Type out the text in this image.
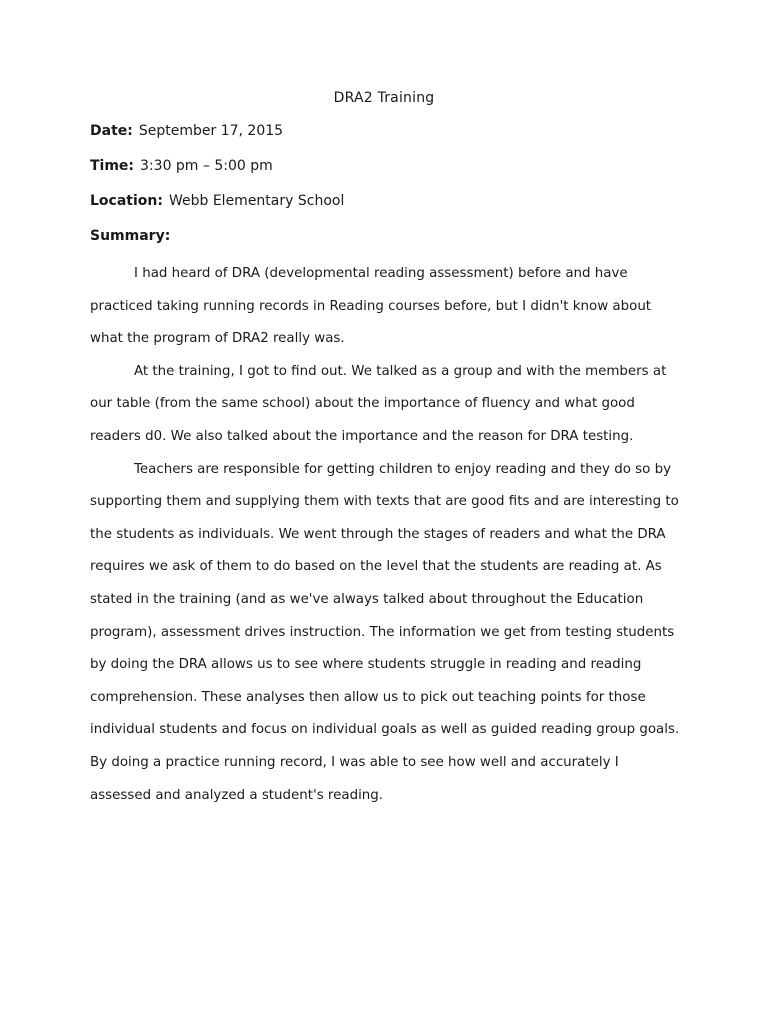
DRA2 Training
Date: September 17, 2015
Time: 3:30 pm – 5:00 pm
Location: Webb Elementary School
Summary:

I had heard of DRA (developmental reading assessment) before and have practiced taking running records in Reading courses before, but I didn't know about what the program of DRA2 really was.

At the training, I got to find out. We talked as a group and with the members at our table (from the same school) about the importance of fluency and what good readers d0. We also talked about the importance and the reason for DRA testing.

Teachers are responsible for getting children to enjoy reading and they do so by supporting them and supplying them with texts that are good fits and are interesting to the students as individuals. We went through the stages of readers and what the DRA requires we ask of them to do based on the level that the students are reading at. As stated in the training (and as we've always talked about throughout the Education program), assessment drives instruction. The information we get from testing students by doing the DRA allows us to see where students struggle in reading and reading comprehension. These analyses then allow us to pick out teaching points for those individual students and focus on individual goals as well as guided reading group goals. By doing a practice running record, I was able to see how well and accurately I assessed and analyzed a student's reading.
